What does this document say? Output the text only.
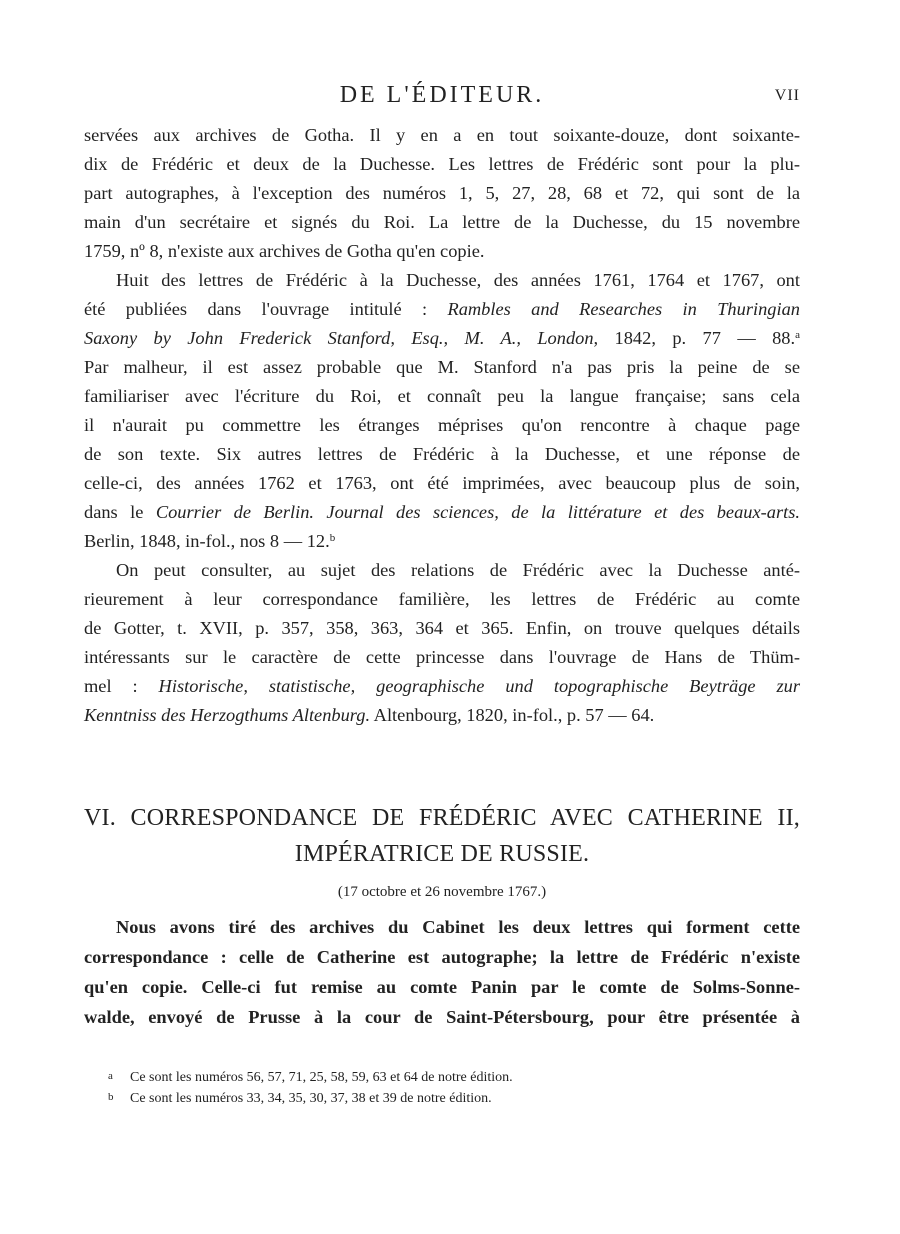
DE L'ÉDITEUR.	VII
servées aux archives de Gotha. Il y en a en tout soixante-douze, dont soixante-
dix de Frédéric et deux de la Duchesse. Les lettres de Frédéric sont pour la plu-
part autographes, à l'exception des numéros 1, 5, 27, 28, 68 et 72, qui sont de la
main d'un secrétaire et signés du Roi. La lettre de la Duchesse, du 15 novembre
1759, nº 8, n'existe aux archives de Gotha qu'en copie.
Huit des lettres de Frédéric à la Duchesse, des années 1761, 1764 et 1767, ont
été publiées dans l'ouvrage intitulé : Rambles and Researches in Thuringian
Saxony by John Frederick Stanford, Esq., M. A., London, 1842, p. 77 — 88.$^a$
Par malheur, il est assez probable que M. Stanford n'a pas pris la peine de se
familiariser avec l'écriture du Roi, et connaît peu la langue française; sans cela
il n'aurait pu commettre les étranges méprises qu'on rencontre à chaque page
de son texte. Six autres lettres de Frédéric à la Duchesse, et une réponse de
celle-ci, des années 1762 et 1763, ont été imprimées, avec beaucoup plus de soin,
dans le Courrier de Berlin. Journal des sciences, de la littérature et des beaux-arts.
Berlin, 1848, in-fol., nos 8 — 12.$^b$
On peut consulter, au sujet des relations de Frédéric avec la Duchesse anté-
rieurement à leur correspondance familière, les lettres de Frédéric au comte
de Gotter, t. XVII, p. 357, 358, 363, 364 et 365. Enfin, on trouve quelques détails
intéressants sur le caractère de cette princesse dans l'ouvrage de Hans de Thüm-
mel : Historische, statistische, geographische und topographische Beyträge zur
Kenntniss des Herzogthums Altenburg. Altenbourg, 1820, in-fol., p. 57 — 64.
VI. CORRESPONDANCE DE FRÉDÉRIC AVEC CATHERINE II,
IMPÉRATRICE DE RUSSIE.
(17 octobre et 26 novembre 1767.)
Nous avons tiré des archives du Cabinet les deux lettres qui forment cette
correspondance : celle de Catherine est autographe; la lettre de Frédéric n'existe
qu'en copie. Celle-ci fut remise au comte Panin par le comte de Solms-Sonne-
walde, envoyé de Prusse à la cour de Saint-Pétersbourg, pour être présentée à
a Ce sont les numéros 56, 57, 71, 25, 58, 59, 63 et 64 de notre édition.
b Ce sont les numéros 33, 34, 35, 30, 37, 38 et 39 de notre édition.
